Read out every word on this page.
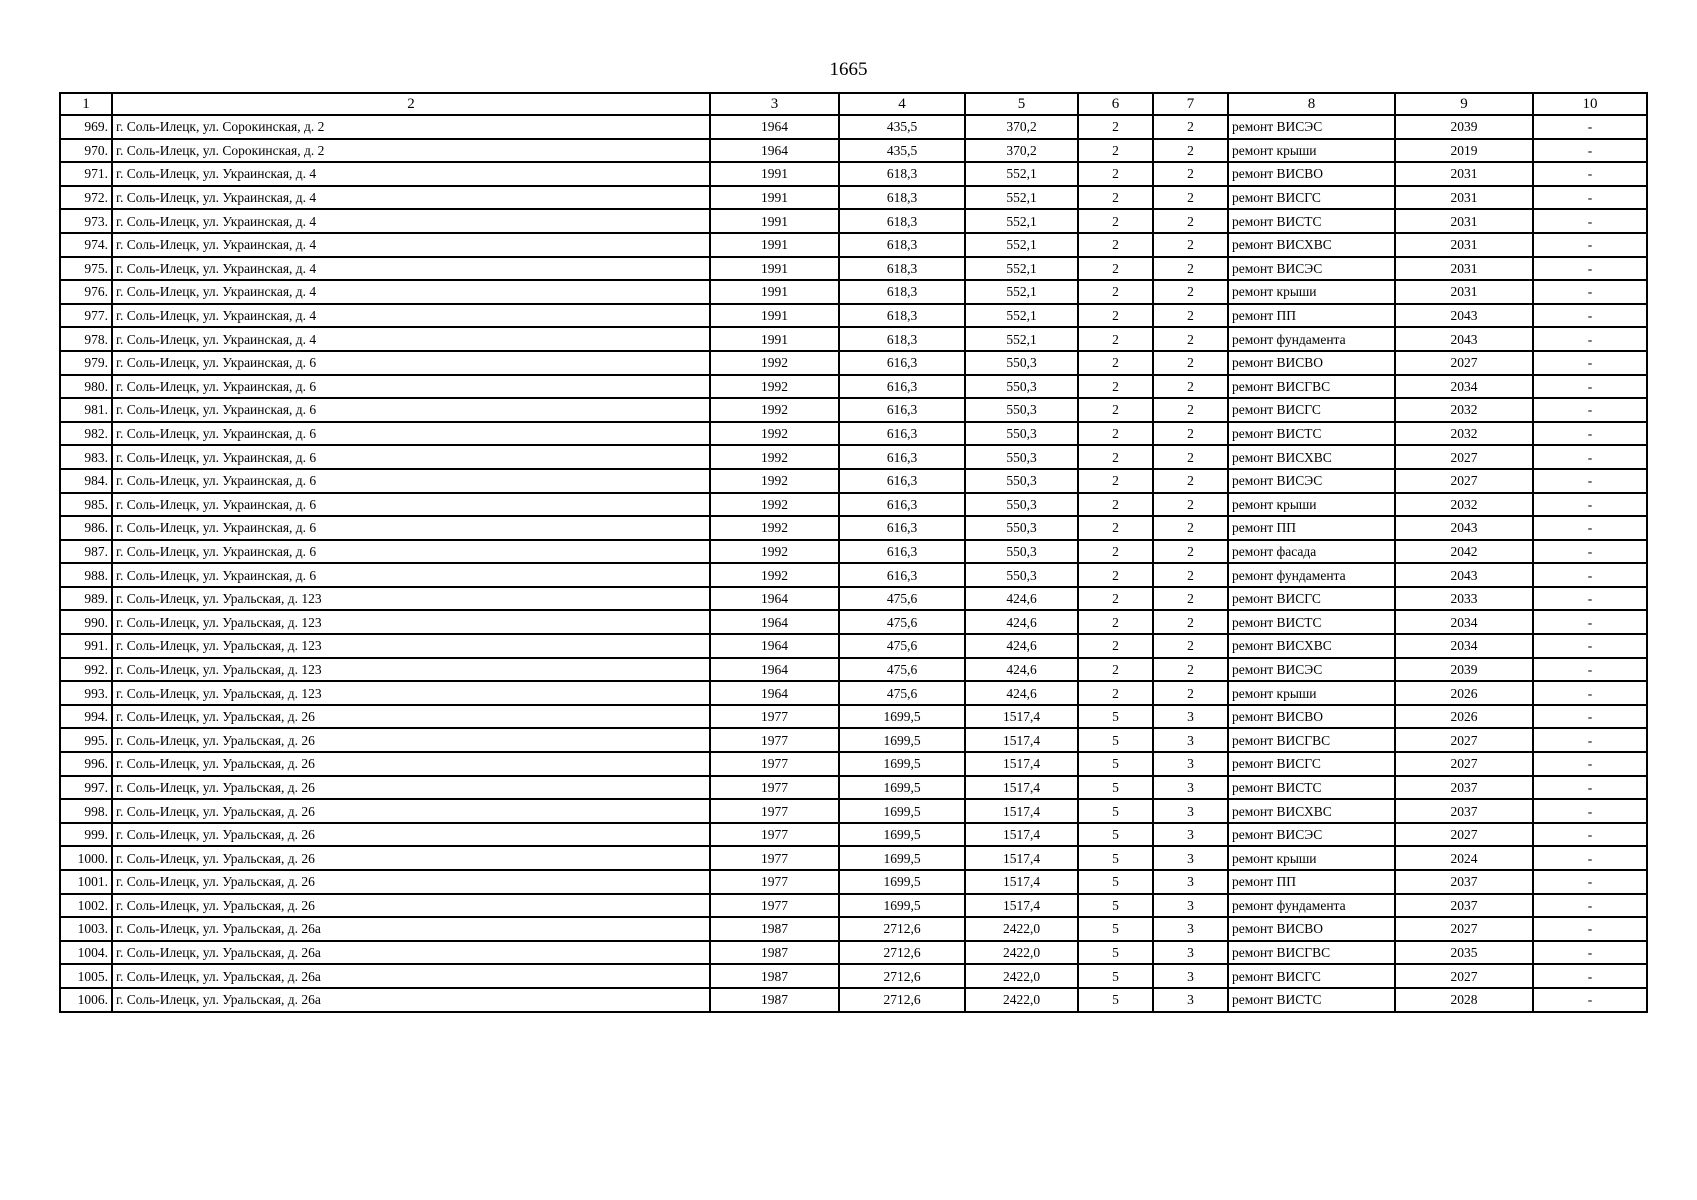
1665
1	2	3	4	5	6	7	8	9	10
969.	г. Соль-Илецк, ул. Сорокинская, д. 2	1964	435,5	370,2	2	2	ремонт ВИСЭС	2039	-
970.	г. Соль-Илецк, ул. Сорокинская, д. 2	1964	435,5	370,2	2	2	ремонт крыши	2019	-
971.	г. Соль-Илецк, ул. Украинская, д. 4	1991	618,3	552,1	2	2	ремонт ВИСВО	2031	-
972.	г. Соль-Илецк, ул. Украинская, д. 4	1991	618,3	552,1	2	2	ремонт ВИСГС	2031	-
973.	г. Соль-Илецк, ул. Украинская, д. 4	1991	618,3	552,1	2	2	ремонт ВИСТС	2031	-
974.	г. Соль-Илецк, ул. Украинская, д. 4	1991	618,3	552,1	2	2	ремонт ВИСХВС	2031	-
975.	г. Соль-Илецк, ул. Украинская, д. 4	1991	618,3	552,1	2	2	ремонт ВИСЭС	2031	-
976.	г. Соль-Илецк, ул. Украинская, д. 4	1991	618,3	552,1	2	2	ремонт крыши	2031	-
977.	г. Соль-Илецк, ул. Украинская, д. 4	1991	618,3	552,1	2	2	ремонт ПП	2043	-
978.	г. Соль-Илецк, ул. Украинская, д. 4	1991	618,3	552,1	2	2	ремонт фундамента	2043	-
979.	г. Соль-Илецк, ул. Украинская, д. 6	1992	616,3	550,3	2	2	ремонт ВИСВО	2027	-
980.	г. Соль-Илецк, ул. Украинская, д. 6	1992	616,3	550,3	2	2	ремонт ВИСГВС	2034	-
981.	г. Соль-Илецк, ул. Украинская, д. 6	1992	616,3	550,3	2	2	ремонт ВИСГС	2032	-
982.	г. Соль-Илецк, ул. Украинская, д. 6	1992	616,3	550,3	2	2	ремонт ВИСТС	2032	-
983.	г. Соль-Илецк, ул. Украинская, д. 6	1992	616,3	550,3	2	2	ремонт ВИСХВС	2027	-
984.	г. Соль-Илецк, ул. Украинская, д. 6	1992	616,3	550,3	2	2	ремонт ВИСЭС	2027	-
985.	г. Соль-Илецк, ул. Украинская, д. 6	1992	616,3	550,3	2	2	ремонт крыши	2032	-
986.	г. Соль-Илецк, ул. Украинская, д. 6	1992	616,3	550,3	2	2	ремонт ПП	2043	-
987.	г. Соль-Илецк, ул. Украинская, д. 6	1992	616,3	550,3	2	2	ремонт фасада	2042	-
988.	г. Соль-Илецк, ул. Украинская, д. 6	1992	616,3	550,3	2	2	ремонт фундамента	2043	-
989.	г. Соль-Илецк, ул. Уральская, д. 123	1964	475,6	424,6	2	2	ремонт ВИСГС	2033	-
990.	г. Соль-Илецк, ул. Уральская, д. 123	1964	475,6	424,6	2	2	ремонт ВИСТС	2034	-
991.	г. Соль-Илецк, ул. Уральская, д. 123	1964	475,6	424,6	2	2	ремонт ВИСХВС	2034	-
992.	г. Соль-Илецк, ул. Уральская, д. 123	1964	475,6	424,6	2	2	ремонт ВИСЭС	2039	-
993.	г. Соль-Илецк, ул. Уральская, д. 123	1964	475,6	424,6	2	2	ремонт крыши	2026	-
994.	г. Соль-Илецк, ул. Уральская, д. 26	1977	1699,5	1517,4	5	3	ремонт ВИСВО	2026	-
995.	г. Соль-Илецк, ул. Уральская, д. 26	1977	1699,5	1517,4	5	3	ремонт ВИСГВС	2027	-
996.	г. Соль-Илецк, ул. Уральская, д. 26	1977	1699,5	1517,4	5	3	ремонт ВИСГС	2027	-
997.	г. Соль-Илецк, ул. Уральская, д. 26	1977	1699,5	1517,4	5	3	ремонт ВИСТС	2037	-
998.	г. Соль-Илецк, ул. Уральская, д. 26	1977	1699,5	1517,4	5	3	ремонт ВИСХВС	2037	-
999.	г. Соль-Илецк, ул. Уральская, д. 26	1977	1699,5	1517,4	5	3	ремонт ВИСЭС	2027	-
1000.	г. Соль-Илецк, ул. Уральская, д. 26	1977	1699,5	1517,4	5	3	ремонт крыши	2024	-
1001.	г. Соль-Илецк, ул. Уральская, д. 26	1977	1699,5	1517,4	5	3	ремонт ПП	2037	-
1002.	г. Соль-Илецк, ул. Уральская, д. 26	1977	1699,5	1517,4	5	3	ремонт фундамента	2037	-
1003.	г. Соль-Илецк, ул. Уральская, д. 26а	1987	2712,6	2422,0	5	3	ремонт ВИСВО	2027	-
1004.	г. Соль-Илецк, ул. Уральская, д. 26а	1987	2712,6	2422,0	5	3	ремонт ВИСГВС	2035	-
1005.	г. Соль-Илецк, ул. Уральская, д. 26а	1987	2712,6	2422,0	5	3	ремонт ВИСГС	2027	-
1006.	г. Соль-Илецк, ул. Уральская, д. 26а	1987	2712,6	2422,0	5	3	ремонт ВИСТС	2028	-
